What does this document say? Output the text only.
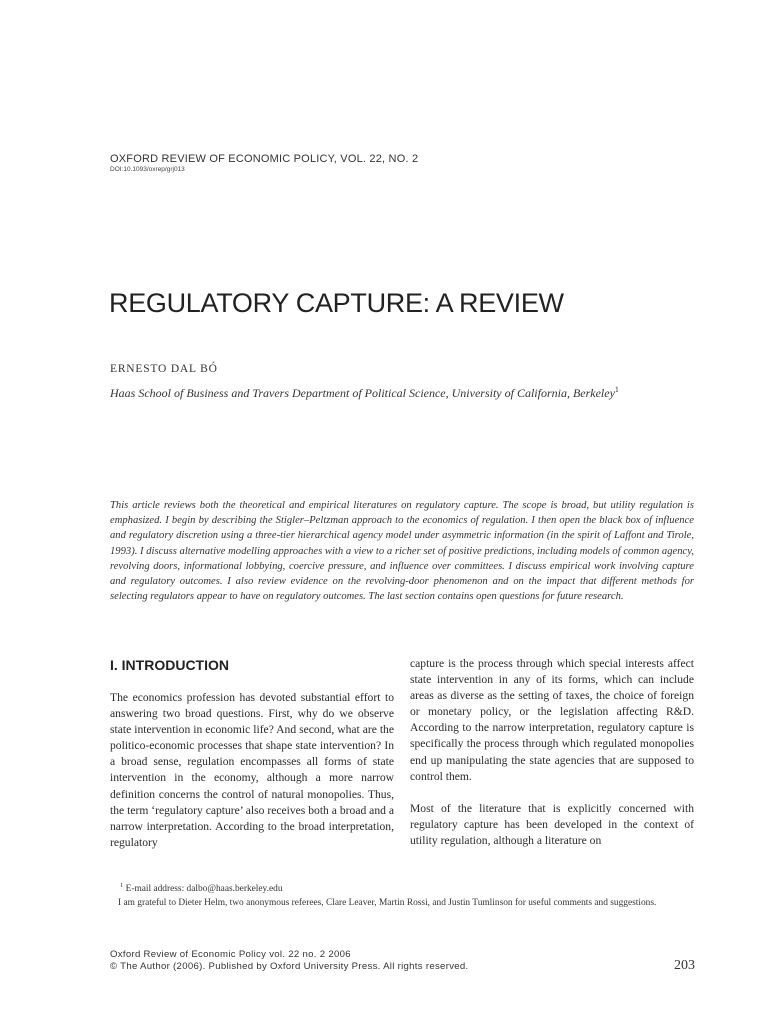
OXFORD REVIEW OF ECONOMIC POLICY, VOL. 22, NO. 2
DOI:10.1093/oxrep/grj013
REGULATORY CAPTURE: A REVIEW
ERNESTO DAL BÓ
Haas School of Business and Travers Department of Political Science, University of California, Berkeley$^1$

This article reviews both the theoretical and empirical literatures on regulatory capture. The scope is broad, but utility regulation is emphasized. I begin by describing the Stigler–Peltzman approach to the economics of regulation. I then open the black box of influence and regulatory discretion using a three-tier hierarchical agency model under asymmetric information (in the spirit of Laffont and Tirole, 1993). I discuss alternative modelling approaches with a view to a richer set of positive predictions, including models of common agency, revolving doors, informational lobbying, coercive pressure, and influence over committees. I discuss empirical work involving capture and regulatory outcomes. I also review evidence on the revolving-door phenomenon and on the impact that different methods for selecting regulators appear to have on regulatory outcomes. The last section contains open questions for future research.

I. INTRODUCTION

The economics profession has devoted substantial effort to answering two broad questions. First, why do we observe state intervention in economic life? And second, what are the politico-economic processes that shape state intervention? In a broad sense, regulation encompasses all forms of state intervention in the economy, although a more narrow definition concerns the control of natural monopolies. Thus, the term ‘regulatory capture’ also receives both a broad and a narrow interpretation. According to the broad interpretation, regulatory

capture is the process through which special interests affect state intervention in any of its forms, which can include areas as diverse as the setting of taxes, the choice of foreign or monetary policy, or the legislation affecting R&D. According to the narrow interpretation, regulatory capture is specifically the process through which regulated monopolies end up manipulating the state agencies that are supposed to control them.

Most of the literature that is explicitly concerned with regulatory capture has been developed in the context of utility regulation, although a literature on

$^1$ E-mail address: dalbo@haas.berkeley.edu

I am grateful to Dieter Helm, two anonymous referees, Clare Leaver, Martin Rossi, and Justin Tumlinson for useful comments and suggestions.

Oxford Review of Economic Policy vol. 22 no. 2 2006
© The Author (2006). Published by Oxford University Press. All rights reserved.	203
